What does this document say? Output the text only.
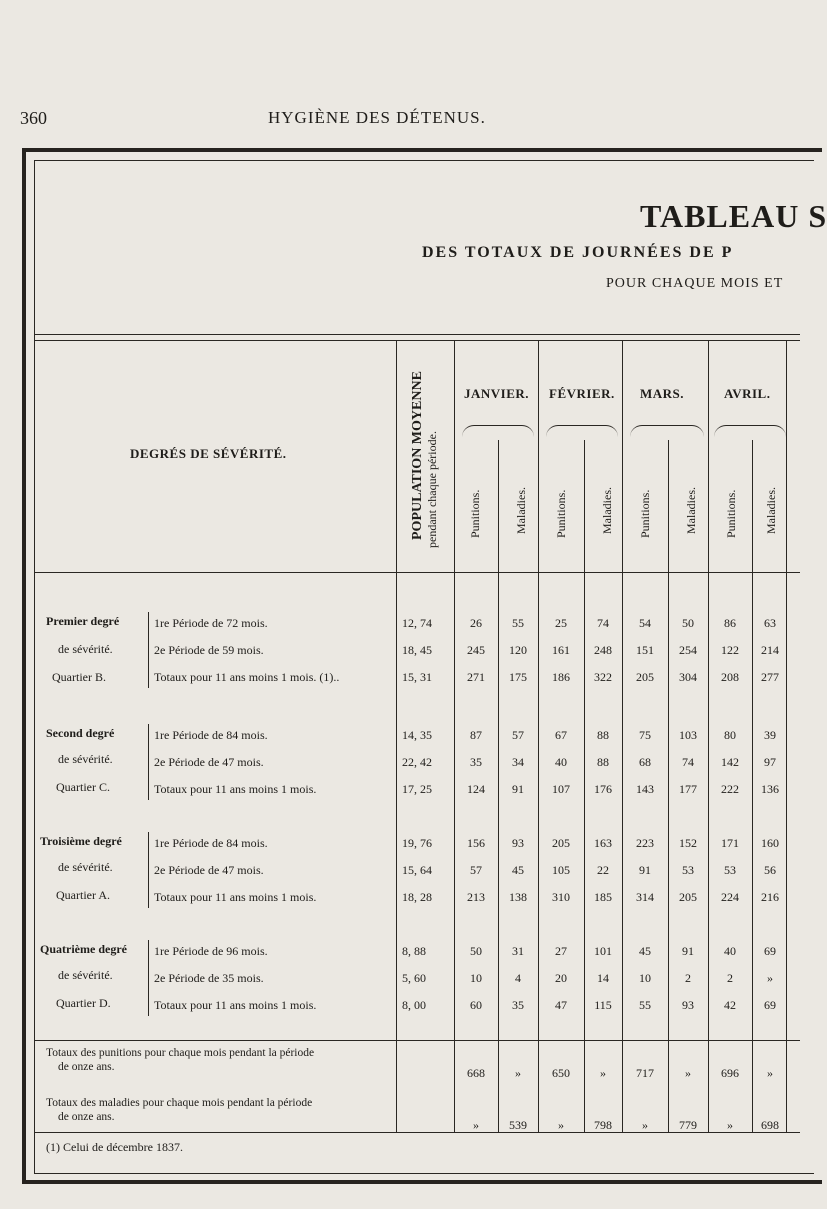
360	HYGIÈNE DES DÉTENUS.
TABLEAU S
DES TOTAUX DE JOURNÉES DE P
POUR CHAQUE MOIS ET
DEGRÉS DE SÉVÉRITÉ.	POPULATION MOYENNE pendant chaque période.
JANVIER. FÉVRIER. MARS.	AVRIL.
Punitions.	Maladies. Punitions.	Maladies. Punitions.	Maladies. Punitions. Maladies.
Premier degré
de sévérité.
Quartier B.
Second degré
de sévérité.
Quartier C.
Troisième degré
de sévérité.
Quartier A.
Quatrième degré
de sévérité.
Quartier D.
1re Période de 72 mois.	12, 74	26	55	25	74	54	50	86	63
2e Période de 59 mois.	18, 45	245	120	161	248	151	254	122	214
Totaux pour 11 ans moins 1 mois. (1)..	15, 31	271	175	186	322	205	304	208	277
1re Période de 84 mois.	14, 35	87	57	67	88	75	103	80	39
2e Période de 47 mois.	22, 42	35	34	40	88	68	74	142	97
Totaux pour 11 ans moins 1 mois.	17, 25	124	91	107	176	143	177	222	136
1re Période de 84 mois.	19, 76	156	93	205	163	223	152	171	160
2e Période de 47 mois.	15, 64	57	45	105	22	91	53	53	56
Totaux pour 11 ans moins 1 mois.	18, 28	213	138	310	185	314	205	224	216
1re Période de 96 mois.	8, 88	50	31	27	101	45	91	40	69
2e Période de 35 mois.	5, 60	10	4	20	14	10	2	2	»
Totaux pour 11 ans moins 1 mois.	8, 00	60	35	47	115	55	93	42	69
668	»	650	»	717	»	696	»
»	539	»	798	»	779	»	698
Totaux des punitions pour chaque mois pendant la période
de onze ans.
Totaux des maladies pour chaque mois pendant la période
de onze ans.
(1) Celui de décembre 1837.
